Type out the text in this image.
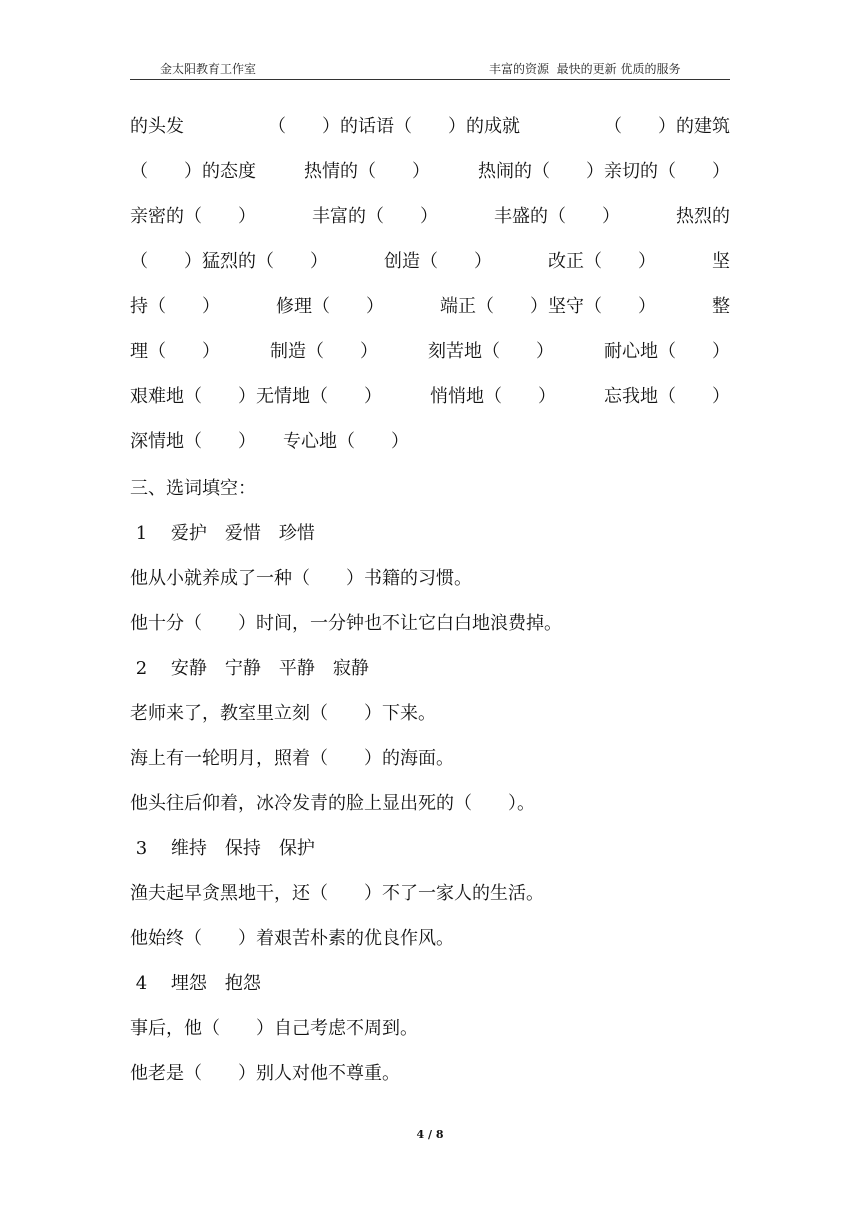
金太阳教育工作室	丰富的资源  最快的更新 优质的服务
的头发	（　　）的话语（　　）的成就	（　　）的建筑
（　　）的态度	热情的（　　）	热闹的（　　）亲切的（　　）
亲密的（　　）	丰富的（　　）	丰盛的（　　）	热烈的
（　　）猛烈的（　　）	创造（　　）	改正（　　）	坚
持（　　）	修理（　　）	端正（　　）坚守（　　）	整
理（　　）	制造（　　）	刻苦地（　　）	耐心地（　　）
艰难地（　　）无情地（　　）	悄悄地（　　）	忘我地（　　）
深情地（　　）　　专心地（　　）
三、选词填空：
1　 爱护　爱惜　珍惜
他从小就养成了一种（　　）书籍的习惯。
他十分（　　）时间，一分钟也不让它白白地浪费掉。
2　 安静　宁静　平静　寂静
老师来了，教室里立刻（　　）下来。
海上有一轮明月，照着（　　）的海面。
他头往后仰着，冰冷发青的脸上显出死的（　　）。
3　 维持　保持　保护
渔夫起早贪黑地干，还（　　）不了一家人的生活。
他始终（　　）着艰苦朴素的优良作风。
4　 埋怨　抱怨
事后，他（　　）自己考虑不周到。
他老是（　　）别人对他不尊重。
4 / 8
